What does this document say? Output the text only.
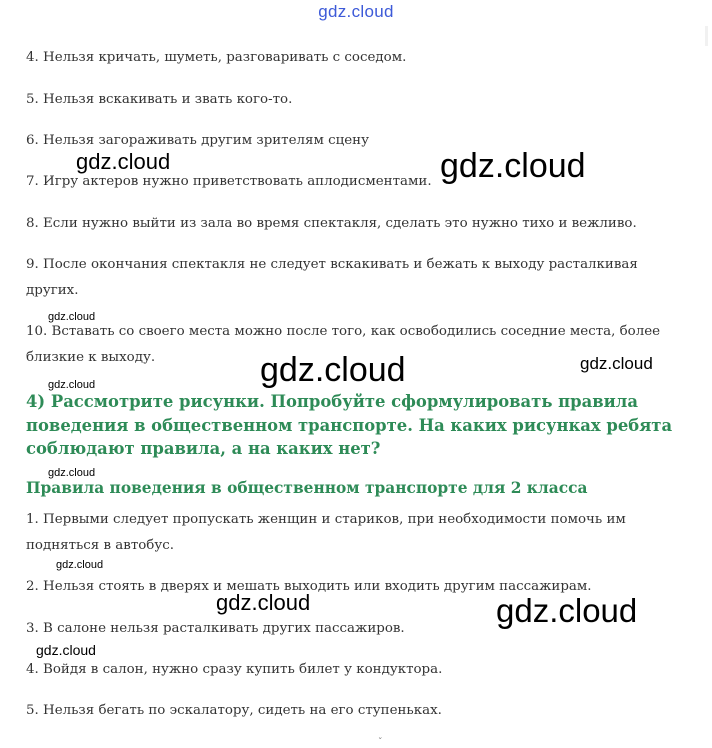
gdz.cloud
4. Нельзя кричать, шуметь, разговаривать с соседом.
5. Нельзя вскакивать и звать кого-то.
6. Нельзя загораживать другим зрителям сцену
7. Игру актеров нужно приветствовать аплодисментами.
8. Если нужно выйти из зала во время спектакля, сделать это нужно тихо и вежливо.
9. После окончания спектакля не следует вскакивать и бежать к выходу расталкивая других.
10. Вставать со своего места можно после того, как освободились соседние места, более близкие к выходу.
4) Рассмотрите рисунки. Попробуйте сформулировать правила поведения в общественном транспорте. На каких рисунках ребята соблюдают правила, а на каких нет?
Правила поведения в общественном транспорте для 2 класса
1. Первыми следует пропускать женщин и стариков, при необходимости помочь им подняться в автобус.
2. Нельзя стоять в дверях и мешать выходить или входить другим пассажирам.
3. В салоне нельзя расталкивать других пассажиров.
4. Войдя в салон, нужно сразу купить билет у кондуктора.
5. Нельзя бегать по эскалатору, сидеть на его ступеньках.
gdz.cloud	gdz.cloud
gdz.cloud
gdz.cloud	gdz.cloud
gdz.cloud
gdz.cloud
gdz.cloud
gdz.cloud	gdz.cloud
gdz.cloud
ˇ
